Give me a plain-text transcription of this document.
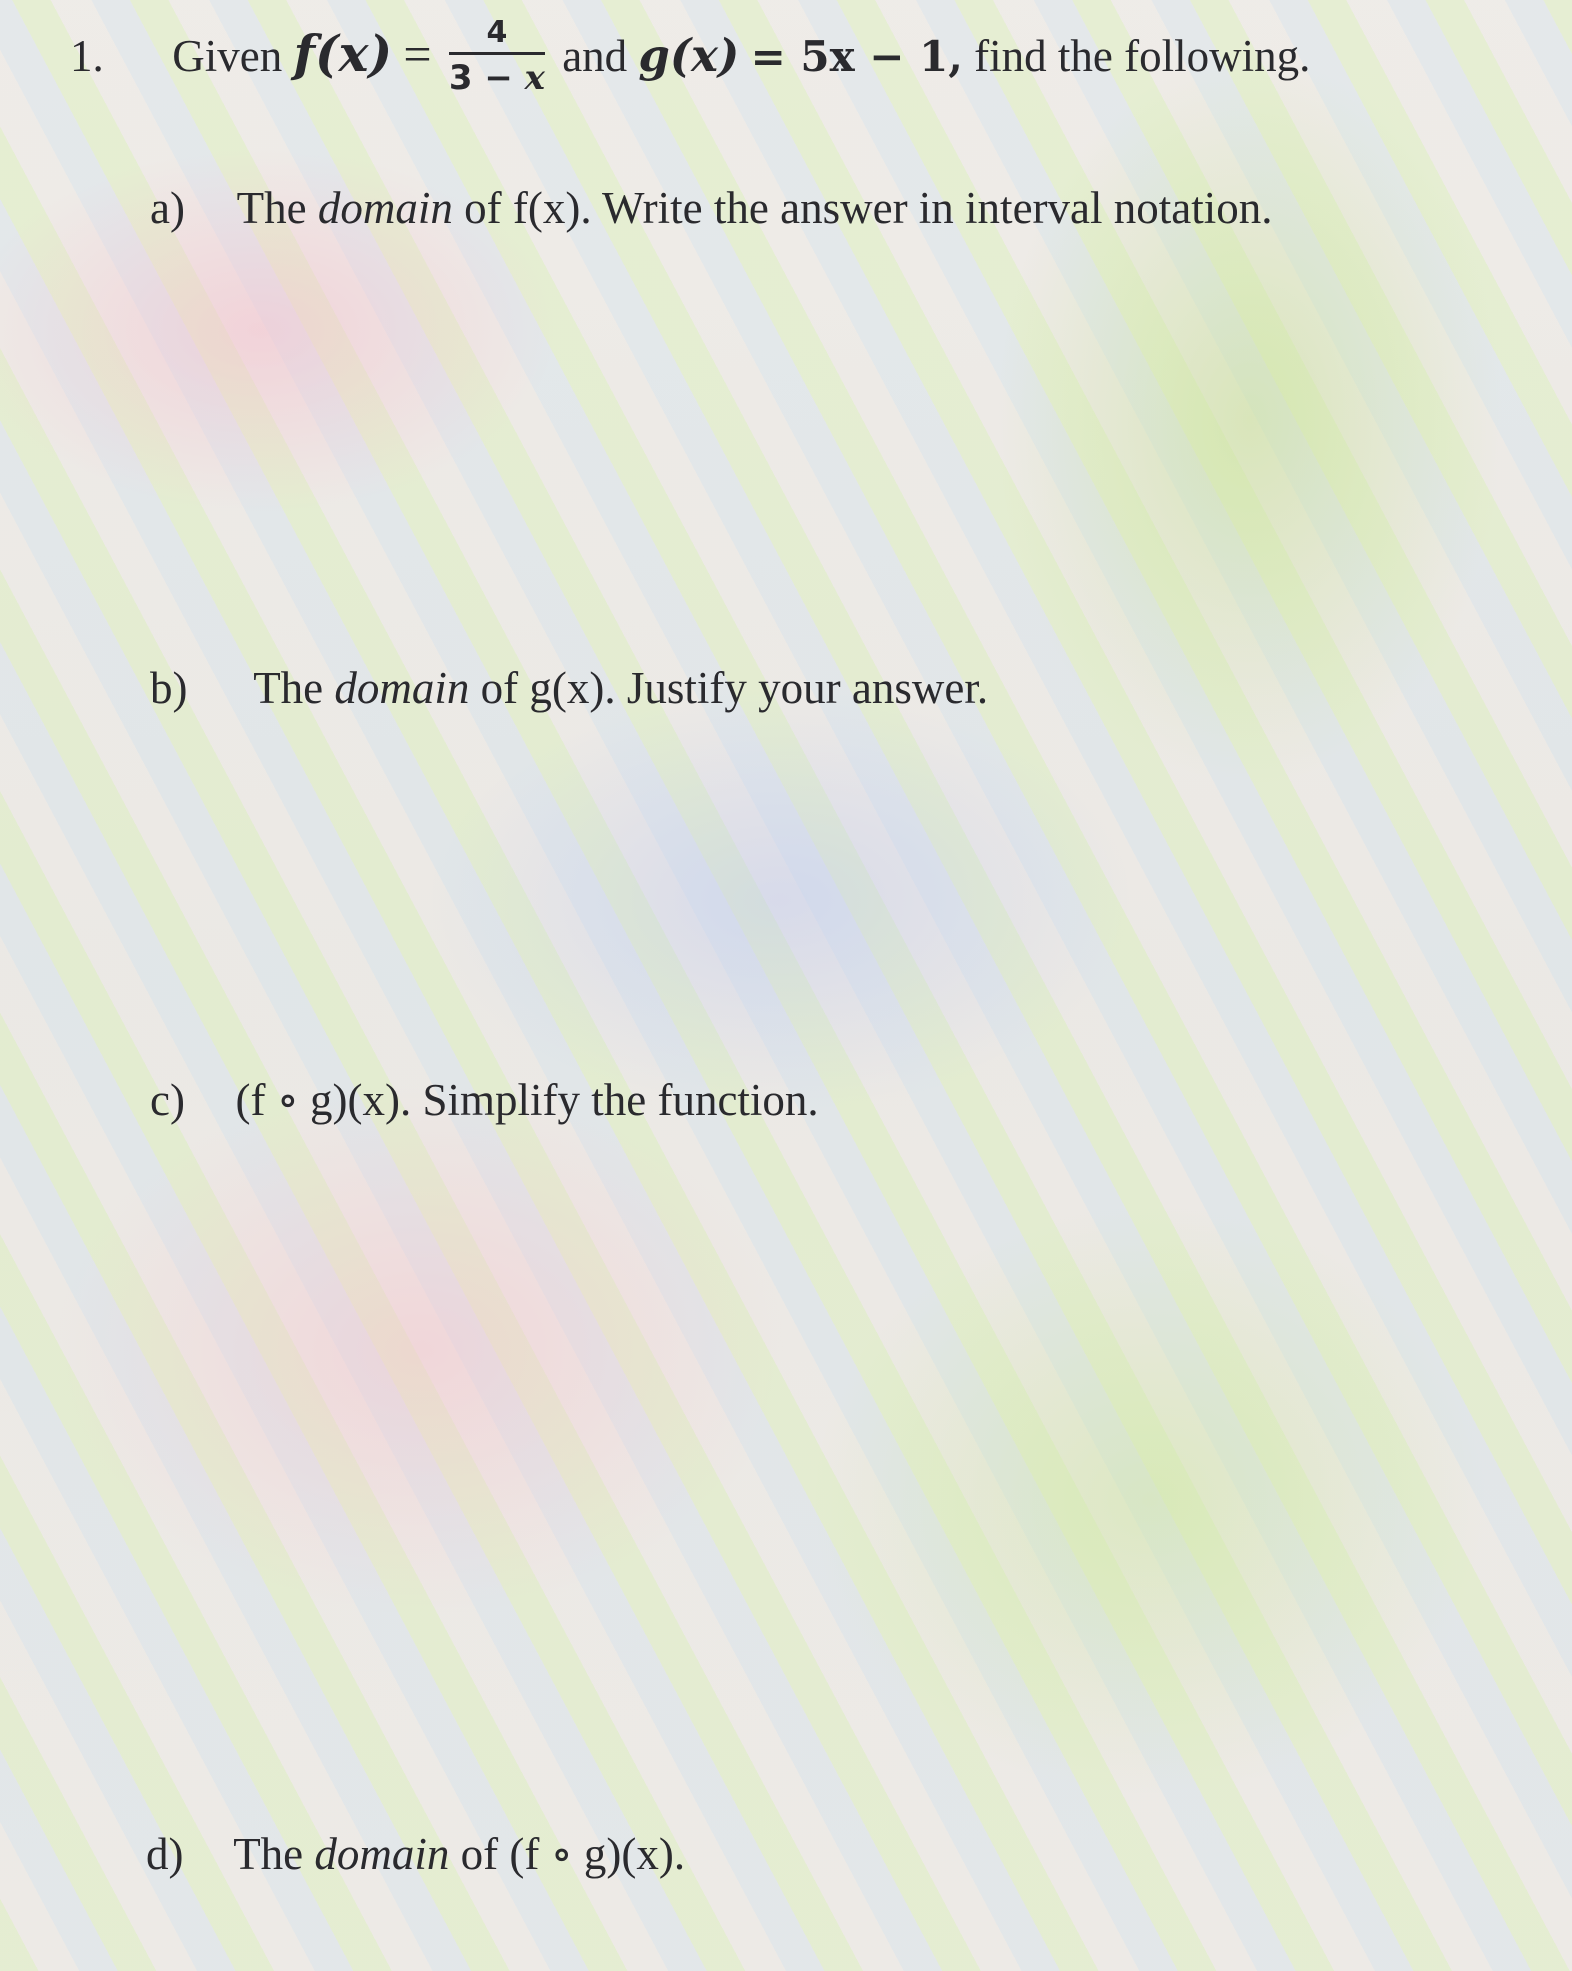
1. Given $f(x) = \frac{4}{3 - x}$ and g(x) = 5x − 1, find the following.
a) The domain of f(x). Write the answer in interval notation.
b) The domain of g(x). Justify your answer.
c) (f ∘ g)(x). Simplify the function.
d) The domain of (f ∘ g)(x).
